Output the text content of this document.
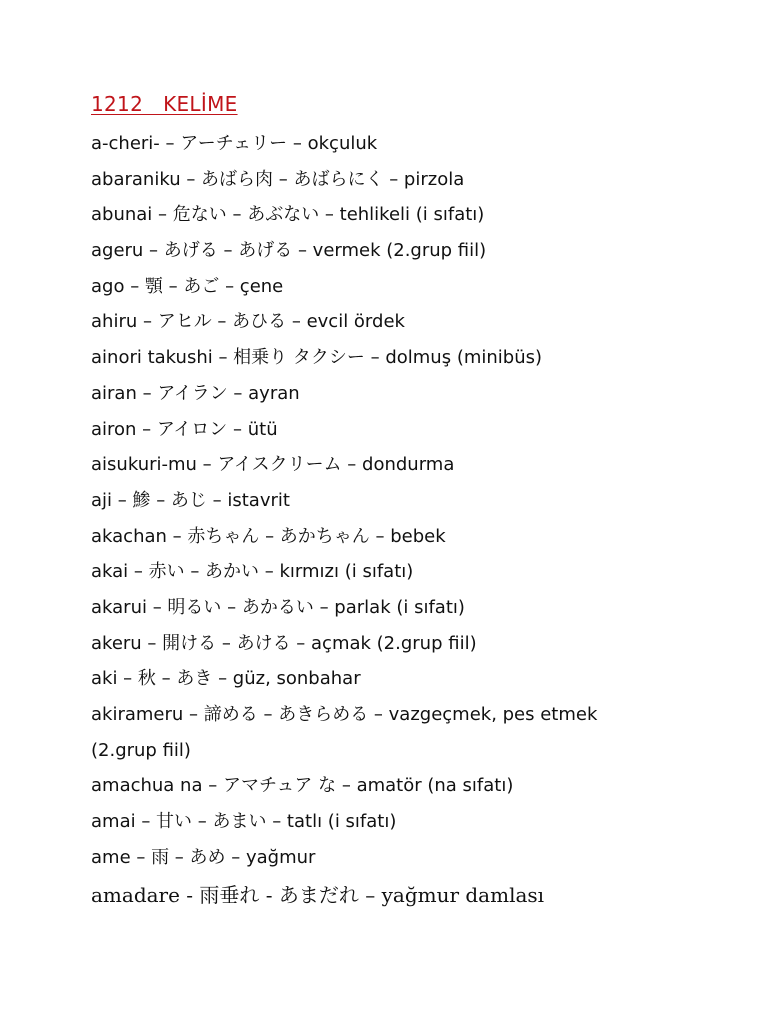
1212   KELİME
a-cheri- – アーチェリー – okçuluk
abaraniku – あばら肉 – あばらにく – pirzola
abunai – 危ない – あぶない – tehlikeli (i sıfatı)
ageru – あげる – あげる – vermek (2.grup fiil)
ago – 顎 – あご – çene
ahiru – アヒル – あひる – evcil ördek
ainori takushi – 相乗り タクシー – dolmuş (minibüs)
airan – アイラン – ayran
airon – アイロン – ütü
aisukuri-mu – アイスクリーム – dondurma
aji – 鯵 – あじ – istavrit
akachan – 赤ちゃん – あかちゃん – bebek
akai – 赤い – あかい – kırmızı (i sıfatı)
akarui – 明るい – あかるい – parlak (i sıfatı)
akeru – 開ける – あける – açmak (2.grup fiil)
aki – 秋 – あき – güz, sonbahar
akirameru – 諦める – あきらめる – vazgeçmek, pes etmek
(2.grup fiil)
amachua na – アマチュア な – amatör (na sıfatı)
amai – 甘い – あまい – tatlı (i sıfatı)
ame – 雨 – あめ – yağmur
amadare - 雨垂れ - あまだれ – yağmur damlası
